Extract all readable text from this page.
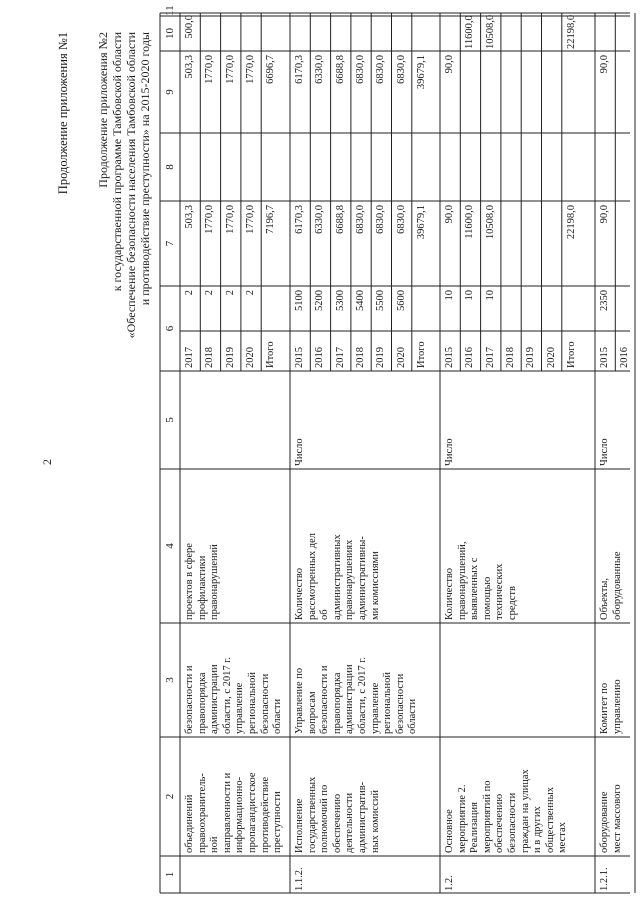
2
Продолжение приложения №1 Продолжение приложения №2 к государственной программе Тамбовской области «Обеспечение безопасности населения Тамбовской области и противодействие преступности» на 2015-2020 годы
1
2
3
4
5
6
7
8
9
10
11
объединений правоохранитель- ной направленности и информационно- пропагандистское противодействие преступности
безопасности и правопорядка администрации области, с 2017 г. управление региональной безопасности области
проектов в сфере профилактики правонарушений
2017
2
503,3
503,3
500,0
2018
2
1770,0
1770,0
2019
2
1770,0
1770,0
2020
2
1770,0
1770,0
Итого
7196,7
6696,7
1.1.2.
Исполнение государственных полномочий по обеспечению деятельности административ- ных комиссий
Управление по вопросам безопасности и правопорядка администрации области, с 2017 г. управление региональной безопасности области
Количество рассмотренных дел об административных правонарушениях административны- ми комиссиями
Число
2015
5100
6170,3
6170,3
2016
5200
6330,0
6330,0
2017
5300
6688,8
6688,8
2018
5400
6830,0
6830,0
2019
5500
6830,0
6830,0
2020
5600
6830,0
6830,0
Итого
39679,1
39679,1
1.2.
Основное мероприятие 2. Реализация мероприятий по обеспечению безопасности граждан на улицах и в других общественных местах
Количество правонарушений, выявленных с помощью технических средств
Число
2015
10
90,0
90,0
2016
10
11600,0
11600,0
2017
10
10508,0
10508,0
2018 2019 2020 Итого
22198,0
22198,0
1.2.1.
оборудование мест массового
Комитет по управлению
Объекты, оборудованные
Число
2015
2350
90,0
90,0
2016
